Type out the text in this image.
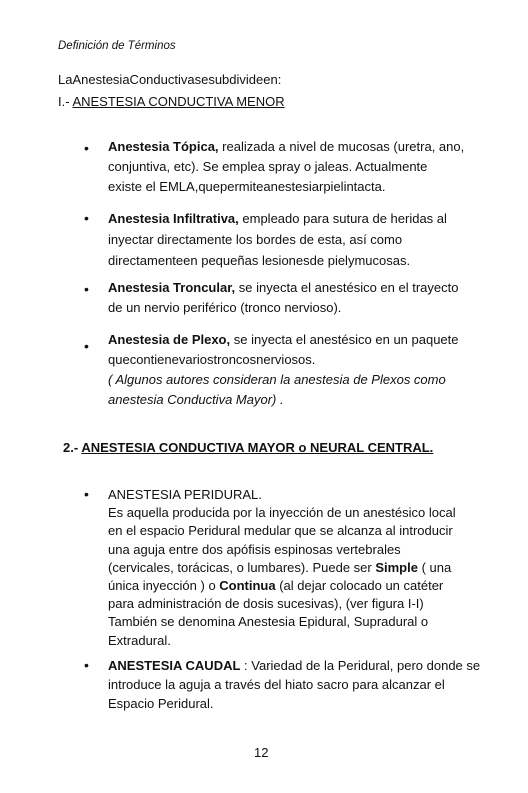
Definición de Términos
LaAnestesiaConductivasesubdivideen:
I.- ANESTESIA CONDUCTIVA MENOR
• Anestesia Tópica, realizada a nivel de mucosas (uretra, ano,
conjuntiva, etc). Se emplea spray o jaleas. Actualmente
existe el EMLA,quepermiteanestesiarpielintacta.
• Anestesia Infiltrativa, empleado para sutura de heridas al
inyectar directamente los bordes de esta, así como
directamenteen pequeñas lesionesde pielymucosas.
• Anestesia Troncular, se inyecta el anestésico en el trayecto
de un nervio periférico (tronco nervioso).
• Anestesia de Plexo, se inyecta el anestésico en un paquete
quecontienevariostroncosnerviosos.
( Algunos autores consideran la anestesia de Plexos como
anestesia Conductiva Mayor) .
2.- ANESTESIA CONDUCTIVA MAYOR o NEURAL CENTRAL.
• ANESTESIA PERIDURAL.
Es aquella producida por la inyección de un anestésico local
en el espacio Peridural medular que se alcanza al introducir
una aguja entre dos apófisis espinosas vertebrales
(cervicales, torácicas, o lumbares). Puede ser Simple ( una
única inyección ) o Continua (al dejar colocado un catéter
para administración de dosis sucesivas), (ver figura I-I)
También se denomina Anestesia Epidural, Supradural o
Extradural.
• ANESTESIA CAUDAL : Variedad de la Peridural, pero donde se
introduce la aguja a través del hiato sacro para alcanzar el
Espacio Peridural.
12
